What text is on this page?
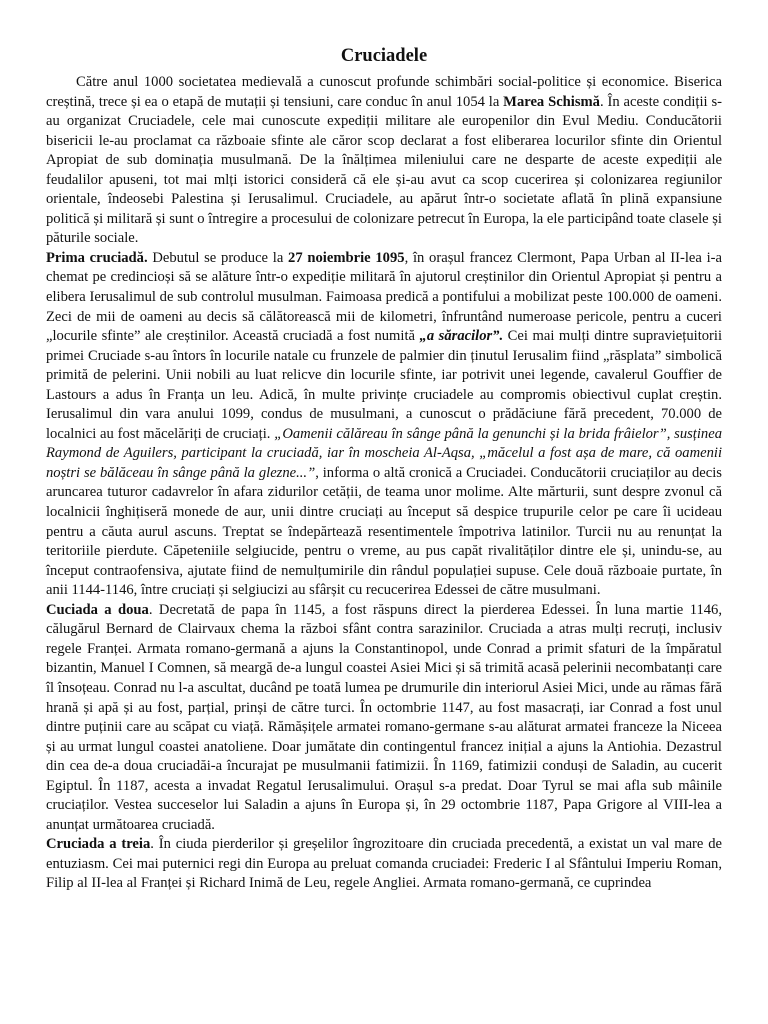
Cruciadele

Către anul 1000 societatea medievală a cunoscut profunde schimbări social-politice și economice. Biserica creștină, trece și ea o etapă de mutații și tensiuni, care conduc în anul 1054 la Marea Schismă. În aceste condiții s-au organizat Cruciadele, cele mai cunoscute expediții militare ale europenilor din Evul Mediu. Conducătorii bisericii le-au proclamat ca războaie sfinte ale căror scop declarat a fost eliberarea locurilor sfinte din Orientul Apropiat de sub dominația musulmană. De la înălțimea mileniului care ne desparte de aceste expediții ale feudalilor apuseni, tot mai mlți istorici consideră că ele și-au avut ca scop cucerirea și colonizarea regiunilor orientale, îndeosebi Palestina și Ierusalimul. Cruciadele, au apărut într-o societate aflată în plină expansiune politică și militară și sunt o întregire a procesului de colonizare petrecut în Europa, la ele participând toate clasele și păturile sociale.

Prima cruciadă. Debutul se produce la 27 noiembrie 1095, în orașul francez Clermont, Papa Urban al II-lea i-a chemat pe credincioși să se alăture într-o expediție militară în ajutorul creștinilor din Orientul Apropiat și pentru a elibera Ierusalimul de sub controlul musulman. Faimoasa predică a pontifului a mobilizat peste 100.000 de oameni. Zeci de mii de oameni au decis să călătorească mii de kilometri, înfruntând numeroase pericole, pentru a cuceri „locurile sfinte” ale creștinilor. Această cruciadă a fost numită „a săracilor”. Cei mai mulți dintre supraviețuitorii primei Cruciade s-au întors în locurile natale cu frunzele de palmier din ținutul Ierusalim fiind „răsplata” simbolică primită de pelerini. Unii nobili au luat relicve din locurile sfinte, iar potrivit unei legende, cavalerul Gouffier de Lastours a adus în Franța un leu. Adică, în multe privințe cruciadele au compromis obiectivul cuplat creștin. Ierusalimul din vara anului 1099, condus de musulmani, a cunoscut o prădăciune fără precedent, 70.000 de localnici au fost măcelăriți de cruciați. „Oamenii călăreau în sânge până la genunchi și la brida frâielor”, susținea Raymond de Aguilers, participant la cruciadă, iar în moscheia Al-Aqsa, „măcelul a fost așa de mare, că oamenii noștri se bălăceau în sânge până la glezne...”, informa o altă cronică a Cruciadei. Conducătorii cruciaților au decis aruncarea tuturor cadavrelor în afara zidurilor cetății, de teama unor molime. Alte mărturii, sunt despre zvonul că localnicii înghițiseră monede de aur, unii dintre cruciați au început să despice trupurile celor pe care îi ucideau pentru a căuta aurul ascuns. Treptat se îndepărtează resentimentele împotriva latinilor. Turcii nu au renunțat la teritoriile pierdute. Căpeteniile selgiucide, pentru o vreme, au pus capăt rivalităților dintre ele și, unindu-se, au început contraofensiva, ajutate fiind de nemulțumirile din rândul populației supuse. Cele două războaie purtate, în anii 1144-1146, între cruciați și selgiucizi au sfârșit cu recucerirea Edessei de către musulmani.

Cuciada a doua. Decretată de papa în 1145, a fost răspuns direct la pierderea Edessei. În luna martie 1146, călugărul Bernard de Clairvaux chema la război sfânt contra sarazinilor. Cruciada a atras mulți recruți, inclusiv regele Franței. Armata romano-germană a ajuns la Constantinopol, unde Conrad a primit sfaturi de la împăratul bizantin, Manuel I Comnen, să meargă de-a lungul coastei Asiei Mici și să trimită acasă pelerinii necombatanți care îl însoțeau. Conrad nu l-a ascultat, ducând pe toată lumea pe drumurile din interiorul Asiei Mici, unde au rămas fără hrană și apă și au fost, parțial, prinși de către turci. În octombrie 1147, au fost masacrați, iar Conrad a fost unul dintre puținii care au scăpat cu viață. Rămășițele armatei romano-germane s-au alăturat armatei franceze la Niceea și au urmat lungul coastei anatoliene. Doar jumătate din contingentul francez inițial a ajuns la Antiohia. Dezastrul din cea de-a doua cruciadăi-a încurajat pe musulmanii fatimizii. În 1169, fatimizii conduși de Saladin, au cucerit Egiptul. În 1187, acesta a invadat Regatul Ierusalimului. Orașul s-a predat. Doar Tyrul se mai afla sub mâinile cruciaților. Vestea succeselor lui Saladin a ajuns în Europa și, în 29 octombrie 1187, Papa Grigore al VIII-lea a anunțat următoarea cruciadă.

Cruciada a treia. În ciuda pierderilor și greșelilor îngrozitoare din cruciada precedentă, a existat un val mare de entuziasm. Cei mai puternici regi din Europa au preluat comanda cruciadei: Frederic I al Sfântului Imperiu Roman, Filip al II-lea al Franței și Richard Inimă de Leu, regele Angliei. Armata romano-germană, ce cuprindea
